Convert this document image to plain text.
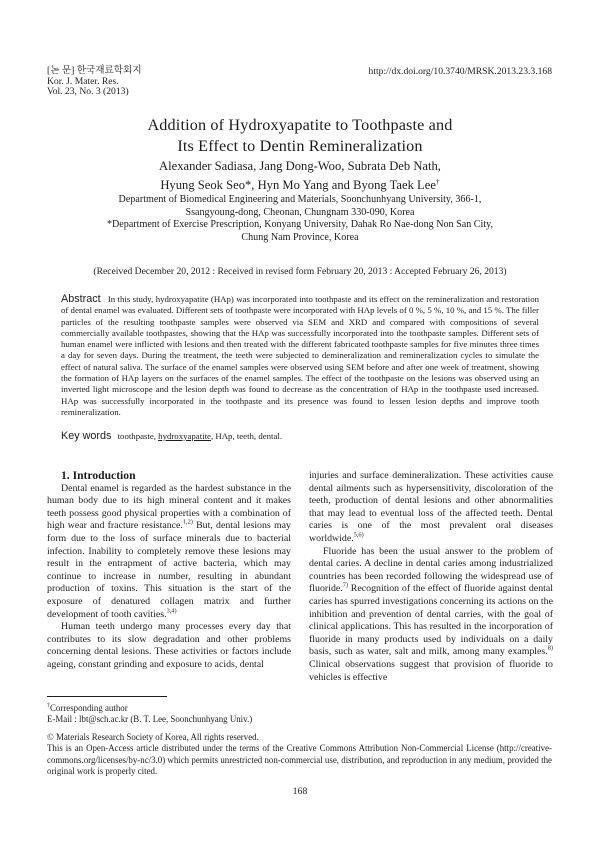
[논 문] 한국재료학회지
Kor. J. Mater. Res.
Vol. 23, No. 3 (2013)
http://dx.doi.org/10.3740/MRSK.2013.23.3.168
Addition of Hydroxyapatite to Toothpaste and
Its Effect to Dentin Remineralization
Alexander Sadiasa, Jang Dong-Woo, Subrata Deb Nath,
Hyung Seok Seo*, Hyn Mo Yang and Byong Taek Lee†
Department of Biomedical Engineering and Materials, Soonchunhyang University, 366-1,
Ssangyoung-dong, Cheonan, Chungnam 330-090, Korea
*Department of Exercise Prescription, Konyang University, Dahak Ro Nae-dong Non San City,
Chung Nam Province, Korea
(Received December 20, 2012 : Received in revised form February 20, 2013 : Accepted February 26, 2013)
Abstract In this study, hydroxyapatite (HAp) was incorporated into toothpaste and its effect on the remineralization and restoration of dental enamel was evaluated. Different sets of toothpaste were incorporated with HAp levels of 0 %, 5 %, 10 %, and 15 %. The filler particles of the resulting toothpaste samples were observed via SEM and XRD and compared with compositions of several commercially available toothpastes, showing that the HAp was successfully incorporated into the toothpaste samples. Different sets of human enamel were inflicted with lesions and then treated with the different fabricated toothpaste samples for five minutes three times a day for seven days. During the treatment, the teeth were subjected to demineralization and remineralization cycles to simulate the effect of natural saliva. The surface of the enamel samples were observed using SEM before and after one week of treatment, showing the formation of HAp layers on the surfaces of the enamel samples. The effect of the toothpaste on the lesions was observed using an inverted light microscope and the lesion depth was found to decrease as the concentration of HAp in the toothpaste used increased. HAp was successfully incorporated in the toothpaste and its presence was found to lessen lesion depths and improve tooth remineralization.
Key words toothpaste, hydroxyapatite, HAp, teeth, dental.

1. Introduction

Dental enamel is regarded as the hardest substance in the human body due to its high mineral content and it makes teeth possess good physical properties with a combination of high wear and fracture resistance.$^{1,2)}$ But, dental lesions may form due to the loss of surface minerals due to bacterial infection. Inability to completely remove these lesions may result in the entrapment of active bacteria, which may continue to increase in number, resulting in abundant production of toxins. This situation is the start of the exposure of denatured collagen matrix and further development of tooth cavities.$^{3,4)}$

Human teeth undergo many processes every day that contributes to its slow degradation and other problems concerning dental lesions. These activities or factors include ageing, constant grinding and exposure to acids, dental

injuries and surface demineralization. These activities cause dental ailments such as hypersensitivity, discoloration of the teeth, production of dental lesions and other abnormalities that may lead to eventual loss of the affected teeth. Dental caries is one of the most prevalent oral diseases worldwide.$^{5,6)}$

Fluoride has been the usual answer to the problem of dental caries. A decline in dental caries among industrialized countries has been recorded following the widespread use of fluoride.$^{7)}$ Recognition of the effect of fluoride against dental caries has spurred investigations concerning its actions on the inhibition and prevention of dental carries, with the goal of clinical applications. This has resulted in the incorporation of fluoride in many products used by individuals on a daily basis, such as water, salt and milk, among many examples.$^{8)}$ Clinical observations suggest that provision of fluoride to vehicles is effective

†Corresponding author

E-Mail : lbt@sch.ac.kr (B. T. Lee, Soonchunhyang Univ.)

© Materials Research Society of Korea, All rights reserved.

This is an Open-Access article distributed under the terms of the Creative Commons Attribution Non-Commercial License (http://creative-commons.org/licenses/by-nc/3.0) which permits unrestricted non-commercial use, distribution, and reproduction in any medium, provided the original work is properly cited.

168
